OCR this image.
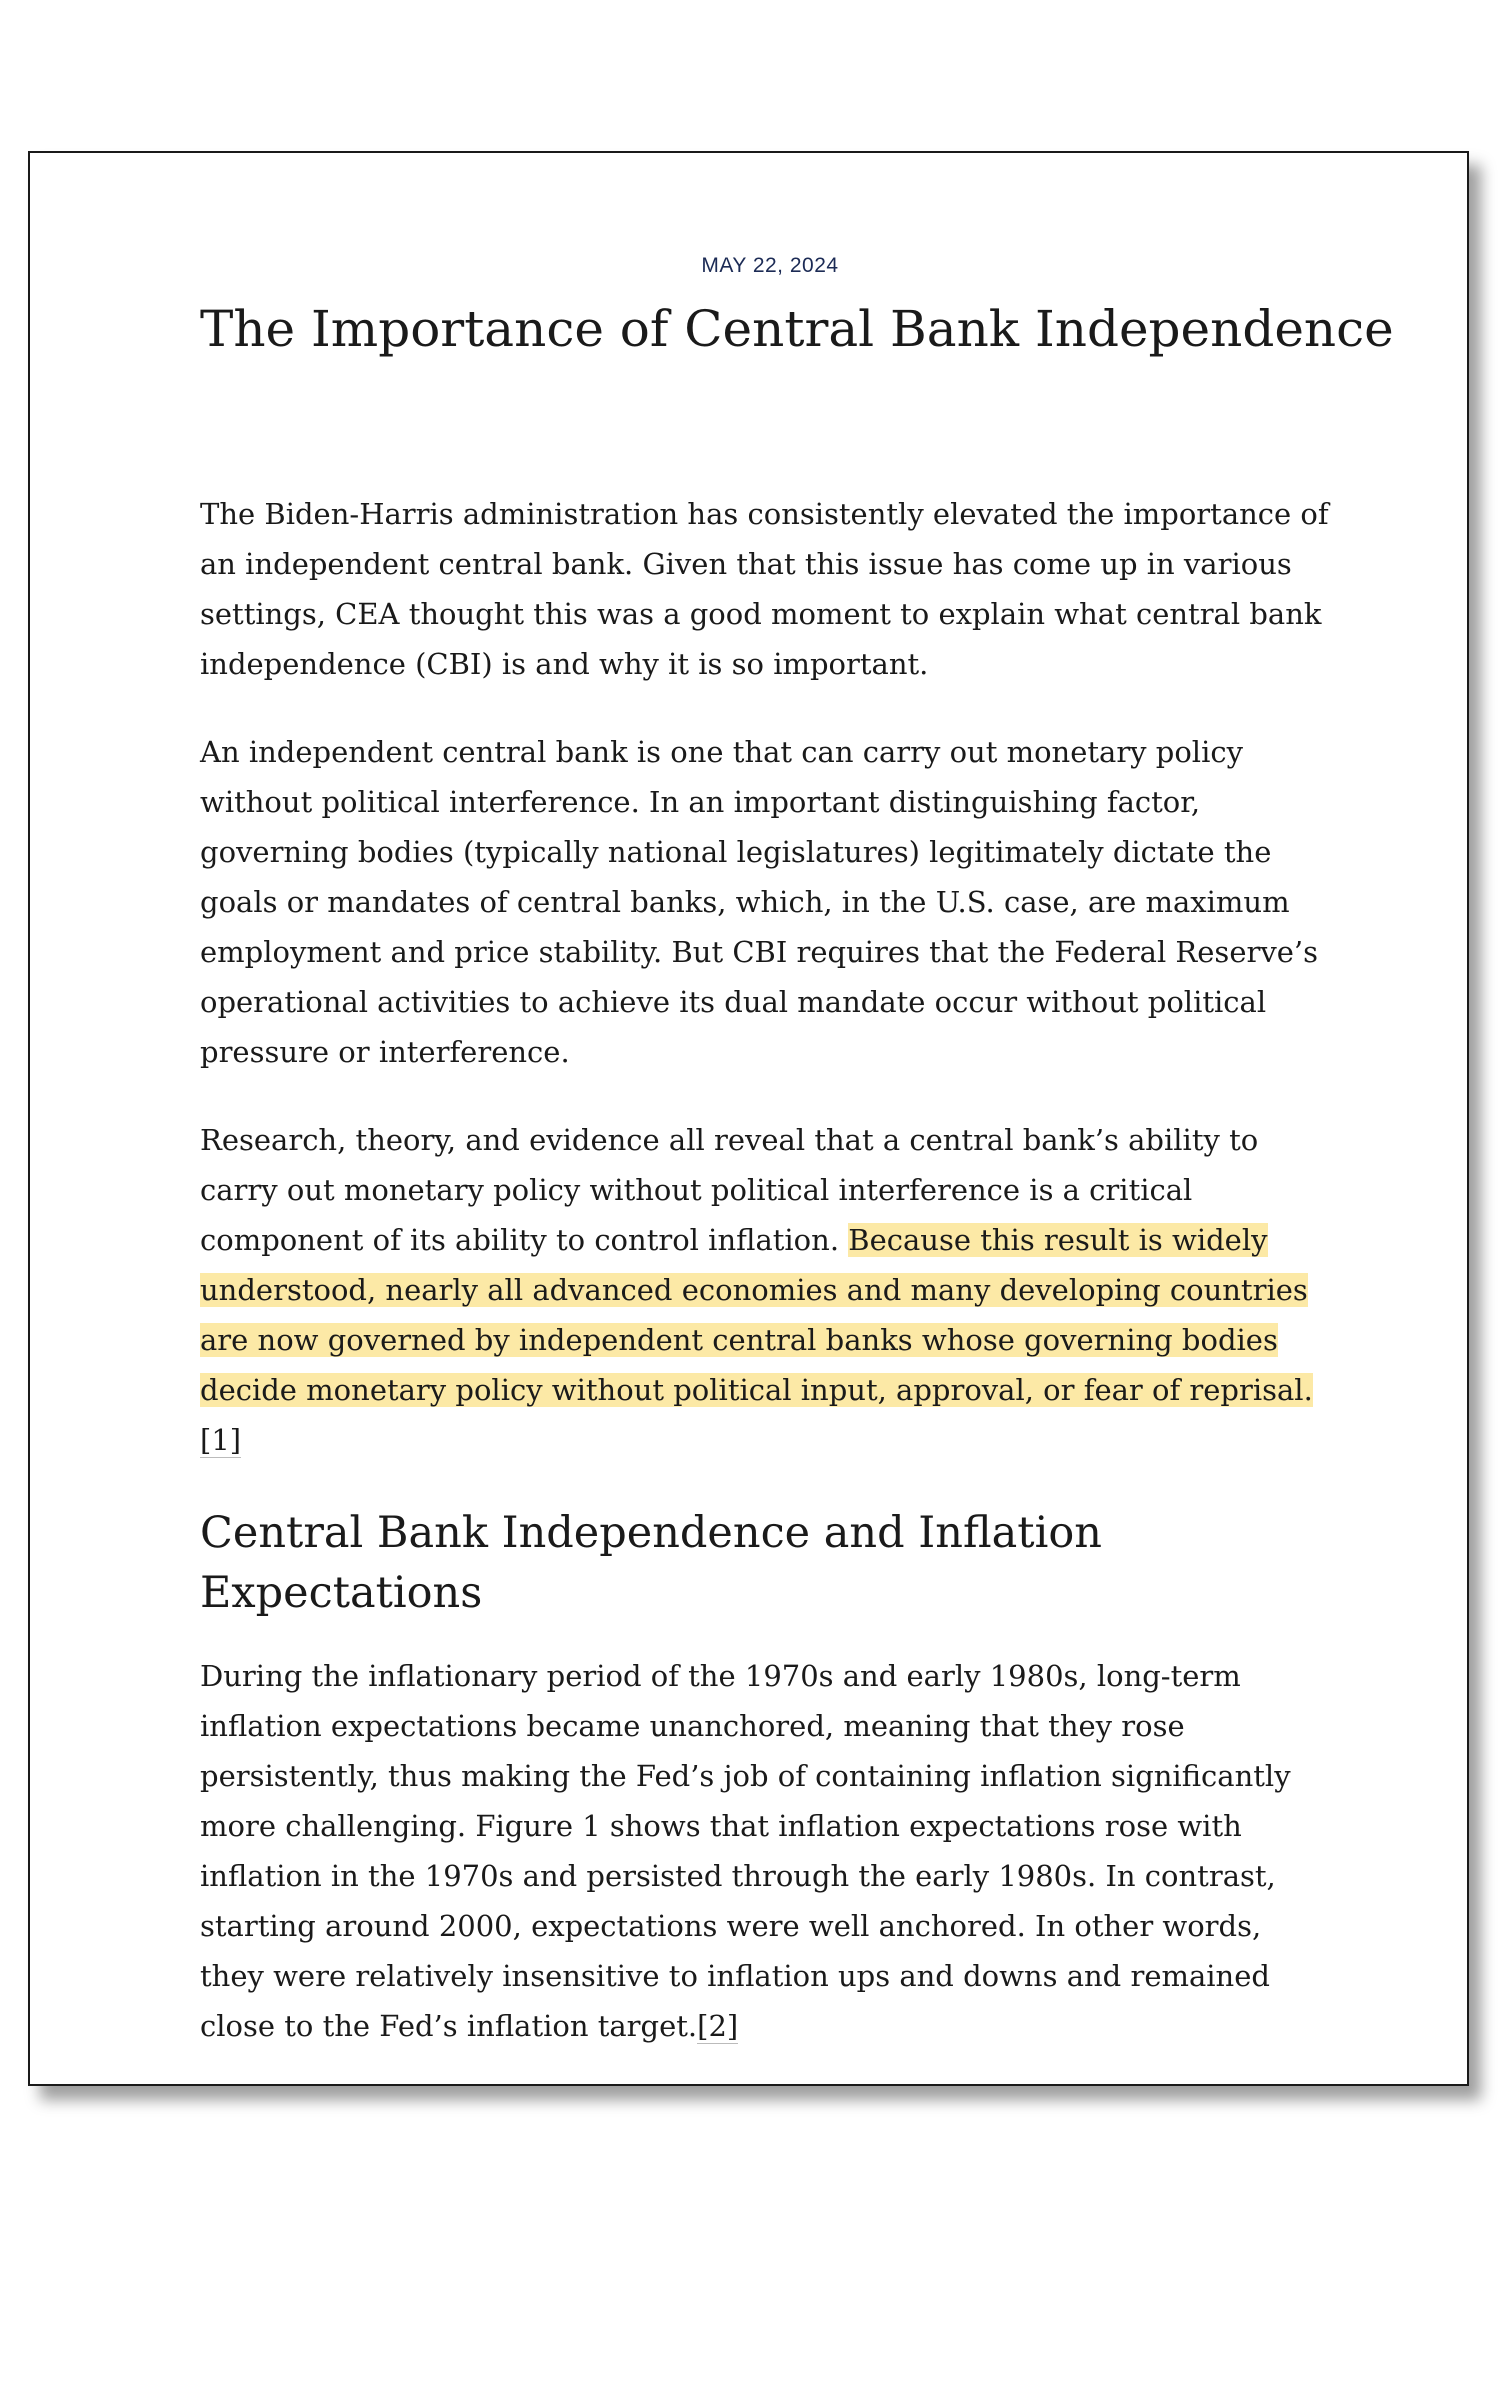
MAY 22, 2024

The Importance of Central Bank Independence

The Biden-Harris administration has consistently elevated the importance of an independent central bank. Given that this issue has come up in various settings, CEA thought this was a good moment to explain what central bank independence (CBI) is and why it is so important.

An independent central bank is one that can carry out monetary policy without political interference. In an important distinguishing factor, governing bodies (typically national legislatures) legitimately dictate the goals or mandates of central banks, which, in the U.S. case, are maximum employment and price stability. But CBI requires that the Federal Reserve’s operational activities to achieve its dual mandate occur without political pressure or interference.

Research, theory, and evidence all reveal that a central bank’s ability to carry out monetary policy without political interference is a critical component of its ability to control inflation. Because this result is widely understood, nearly all advanced economies and many developing countries are now governed by independent central banks whose governing bodies decide monetary policy without political input, approval, or fear of reprisal.[1]

Central Bank Independence and Inflation Expectations

During the inflationary period of the 1970s and early 1980s, long-term inflation expectations became unanchored, meaning that they rose persistently, thus making the Fed’s job of containing inflation significantly more challenging. Figure 1 shows that inflation expectations rose with inflation in the 1970s and persisted through the early 1980s. In contrast, starting around 2000, expectations were well anchored. In other words, they were relatively insensitive to inflation ups and downs and remained close to the Fed’s inflation target.[2]
